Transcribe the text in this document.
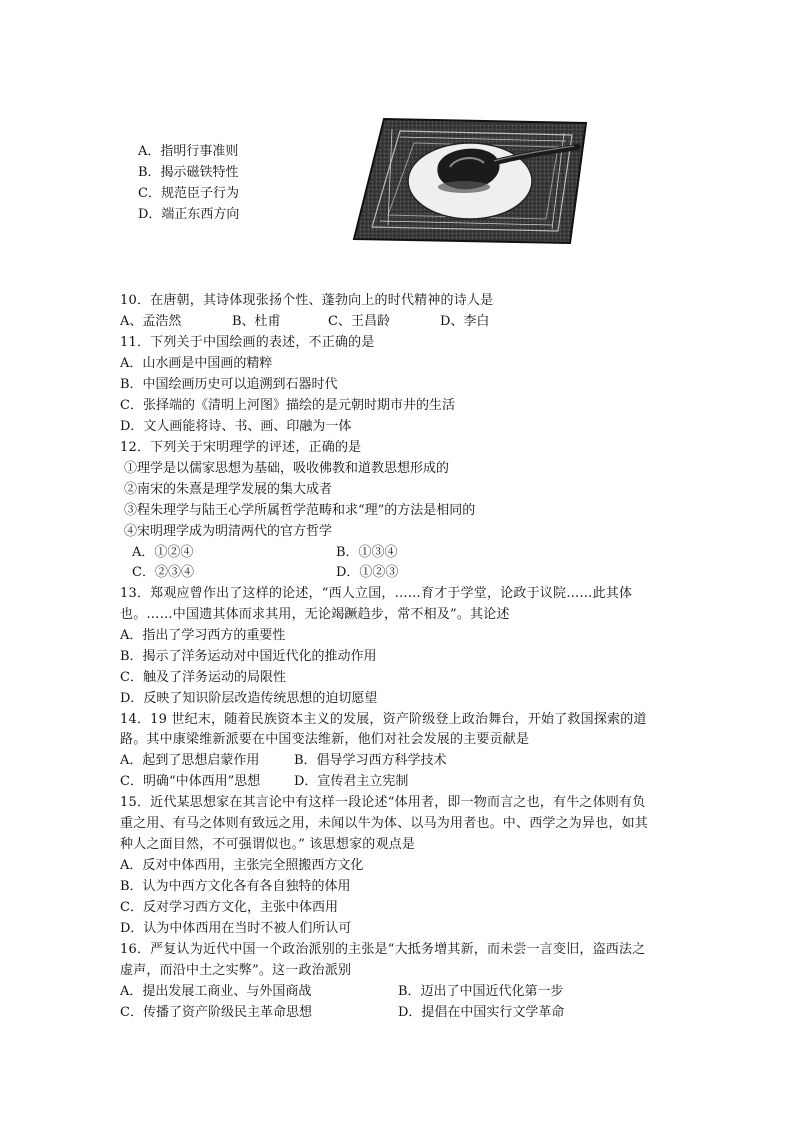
A．指明行事准则
B．揭示磁铁特性
C．规范臣子行为
D．端正东西方向
10．在唐朝，其诗体现张扬个性、蓬勃向上的时代精神的诗人是
A、孟浩然	B、杜甫	C、王昌龄	D、李白
11．下列关于中国绘画的表述，不正确的是
A．山水画是中国画的精粹
B．中国绘画历史可以追溯到石器时代
C．张择端的《清明上河图》描绘的是元朝时期市井的生活
D．文人画能将诗、书、画、印融为一体
12．下列关于宋明理学的评述，正确的是
①理学是以儒家思想为基础，吸收佛教和道教思想形成的
②南宋的朱熹是理学发展的集大成者
③程朱理学与陆王心学所属哲学范畴和求“理”的方法是相同的
④宋明理学成为明清两代的官方哲学
A．①②④	B．①③④
C．②③④	D．①②③
13．郑观应曾作出了这样的论述，“西人立国，……育才于学堂，论政于议院……此其体
也。……中国遗其体而求其用，无论竭蹶趋步，常不相及”。其论述
A．指出了学习西方的重要性
B．揭示了洋务运动对中国近代化的推动作用
C．触及了洋务运动的局限性
D．反映了知识阶层改造传统思想的迫切愿望
14．19 世纪末，随着民族资本主义的发展，资产阶级登上政治舞台，开始了救国探索的道
路。其中康梁维新派要在中国变法维新，他们对社会发展的主要贡献是
A．起到了思想启蒙作用	B．倡导学习西方科学技术
C．明确“中体西用”思想	D．宣传君主立宪制
15．近代某思想家在其言论中有这样一段论述“体用者，即一物而言之也，有牛之体则有负
重之用、有马之体则有致远之用，未闻以牛为体、以马为用者也。中、西学之为异也，如其
种人之面目然，不可强谓似也。” 该思想家的观点是
A．反对中体西用，主张完全照搬西方文化
B．认为中西方文化各有各自独特的体用
C．反对学习西方文化，主张中体西用
D．认为中体西用在当时不被人们所认可
16．严复认为近代中国一个政治派别的主张是“大抵务增其新，而未尝一言变旧，盗西法之
虚声，而沿中土之实弊”。这一政治派别
A．提出发展工商业、与外国商战	B．迈出了中国近代化第一步
C．传播了资产阶级民主革命思想	D．提倡在中国实行文学革命
